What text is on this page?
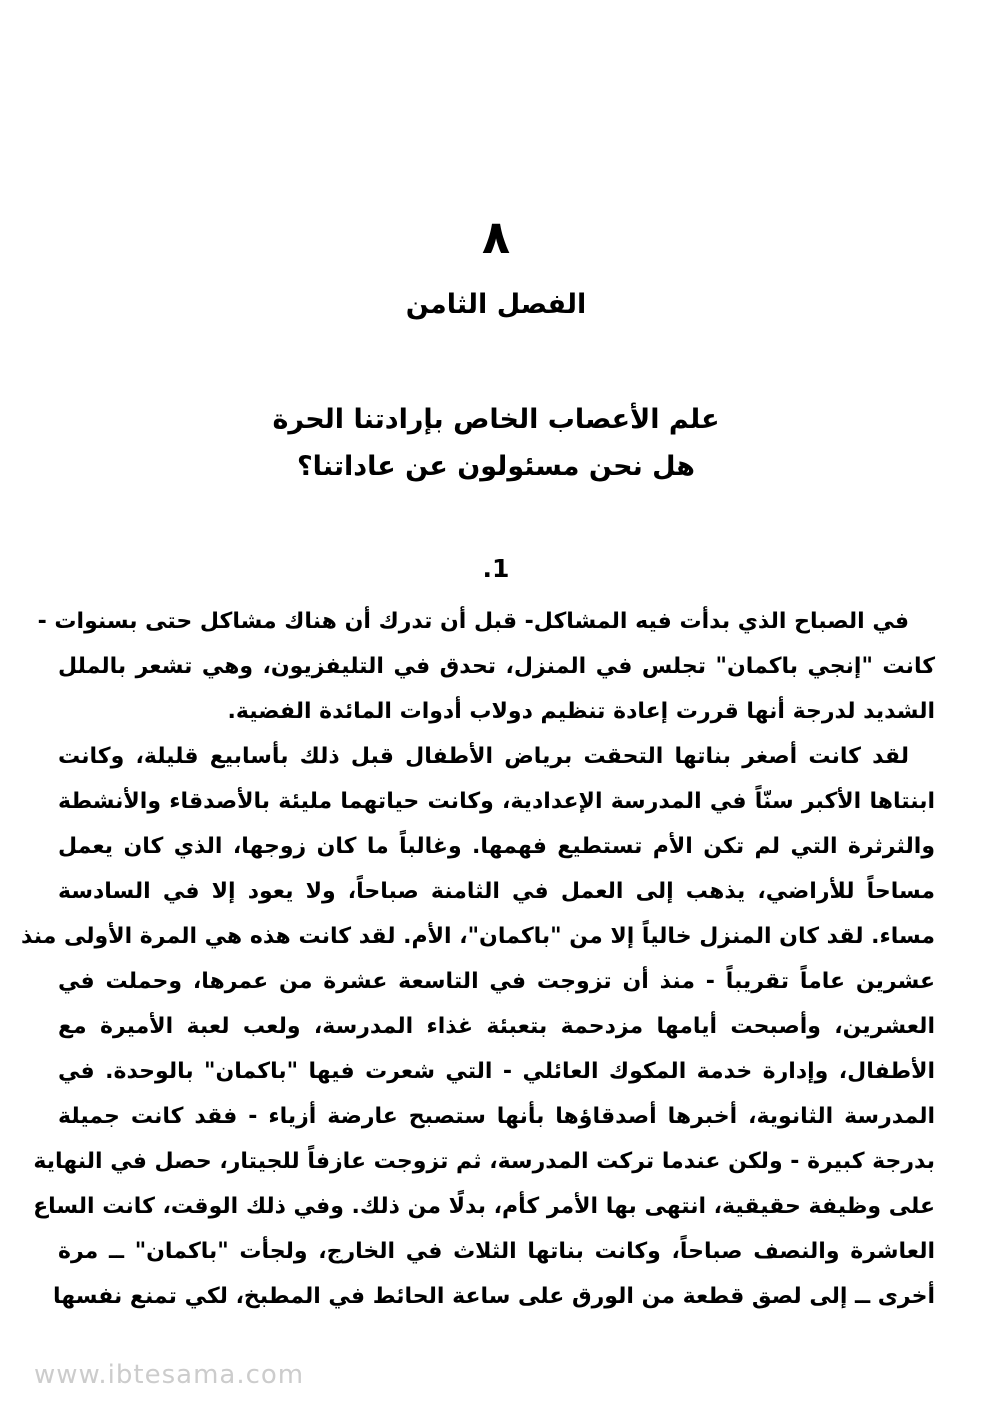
٨
الفصل الثامن
علم الأعصاب الخاص بإرادتنا الحرة
هل نحن مسئولون عن عاداتنا؟
1.

في الصباح الذي بدأت فيه المشاكل- قبل أن تدرك أن هناك مشاكل حتى بسنوات -
كانت "إنجي باكمان" تجلس في المنزل، تحدق في التليفزيون، وهي تشعر بالملل
الشديد لدرجة أنها قررت إعادة تنظيم دولاب أدوات المائدة الفضية.

لقد كانت أصغر بناتها التحقت برياض الأطفال قبل ذلك بأسابيع قليلة، وكانت
ابنتاها الأكبر سنّاً في المدرسة الإعدادية، وكانت حياتهما مليئة بالأصدقاء والأنشطة
والثرثرة التي لم تكن الأم تستطيع فهمها. وغالباً ما كان زوجها، الذي كان يعمل
مساحاً للأراضي، يذهب إلى العمل في الثامنة صباحاً، ولا يعود إلا في السادسة
مساء. لقد كان المنزل خالياً إلا من "باكمان"، الأم. لقد كانت هذه هي المرة الأولى منذ
عشرين عاماً تقريباً - منذ أن تزوجت في التاسعة عشرة من عمرها، وحملت في
العشرين، وأصبحت أيامها مزدحمة بتعبئة غذاء المدرسة، ولعب لعبة الأميرة مع
الأطفال، وإدارة خدمة المكوك العائلي - التي شعرت فيها "باكمان" بالوحدة. في
المدرسة الثانوية، أخبرها أصدقاؤها بأنها ستصبح عارضة أزياء - فقد كانت جميلة
بدرجة كبيرة - ولكن عندما تركت المدرسة، ثم تزوجت عازفاً للجيتار، حصل في النهاية
على وظيفة حقيقية، انتهى بها الأمر كأم، بدلًا من ذلك. وفي ذلك الوقت، كانت الساع
العاشرة والنصف صباحاً، وكانت بناتها الثلاث في الخارج، ولجأت "باكمان" ــ مرة
أخرى ــ إلى لصق قطعة من الورق على ساعة الحائط في المطبخ، لكي تمنع نفسها

www.ibtesama.com
